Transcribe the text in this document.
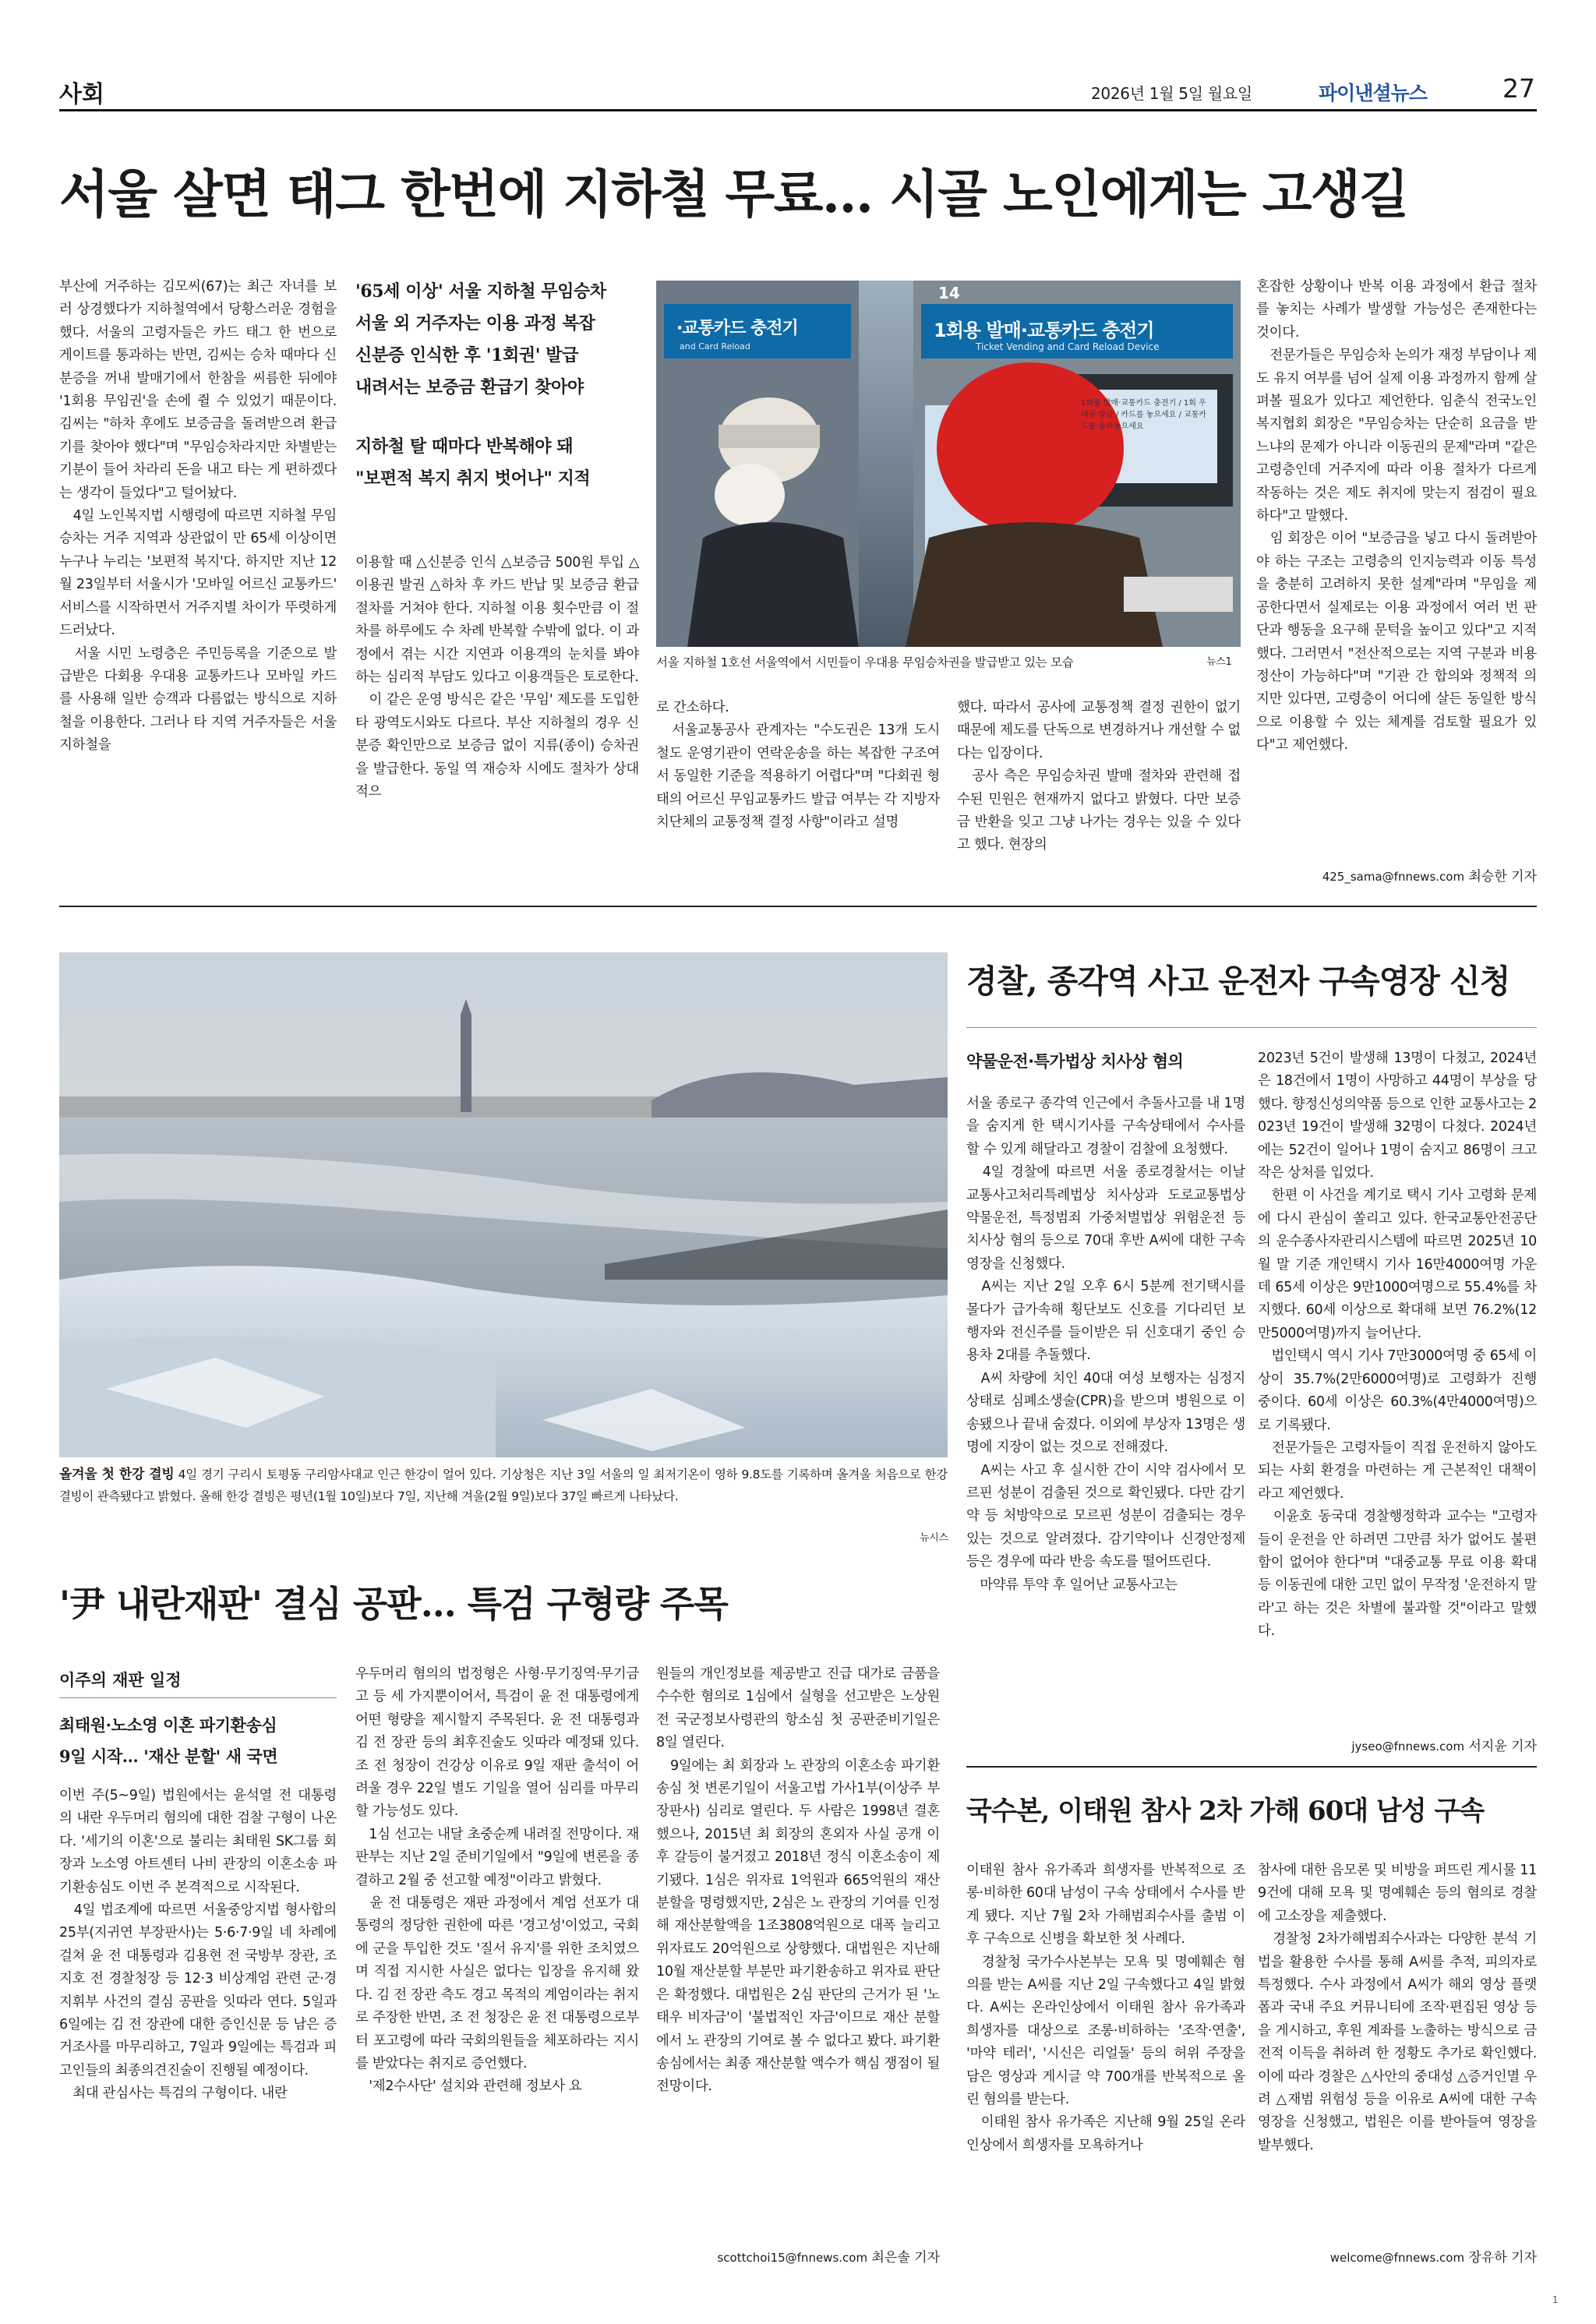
사회	2026년 1월 5일 월요일	파이낸셜뉴스	27
서울 살면 태그 한번에 지하철 무료… 시골 노인에게는 고생길
부산에 거주하는 김모씨(67)는 최근 자녀를 보러 상경했다가 지하철역에서 당황스러운 경험을 했다. 서울의 고령자들은 카드 태그 한 번으로 게이트를 통과하는 반면, 김씨는 승차 때마다 신분증을 꺼내 발매기에서 한참을 씨름한 뒤에야 '1회용 무임권'을 손에 쥘 수 있었기 때문이다. 김씨는 "하차 후에도 보증금을 돌려받으려 환급기를 찾아야 했다"며 "무임승차라지만 차별받는 기분이 들어 차라리 돈을 내고 타는 게 편하겠다는 생각이 들었다"고 털어놨다.
　4일 노인복지법 시행령에 따르면 지하철 무임승차는 거주 지역과 상관없이 만 65세 이상이면 누구나 누리는 '보편적 복지'다. 하지만 지난 12월 23일부터 서울시가 '모바일 어르신 교통카드' 서비스를 시작하면서 거주지별 차이가 뚜렷하게 드러났다.
　서울 시민 노령층은 주민등록을 기준으로 발급받은 다회용 우대용 교통카드나 모바일 카드를 사용해 일반 승객과 다름없는 방식으로 지하철을 이용한다. 그러나 타 지역 거주자들은 서울 지하철을
'65세 이상' 서울 지하철 무임승차
서울 외 거주자는 이용 과정 복잡
신분증 인식한 후 '1회권' 발급
내려서는 보증금 환급기 찾아야
지하철 탈 때마다 반복해야 돼
"보편적 복지 취지 벗어나" 지적
이용할 때 △신분증 인식 △보증금 500원 투입 △이용권 발권 △하차 후 카드 반납 및 보증금 환급 절차를 거쳐야 한다. 지하철 이용 횟수만큼 이 절차를 하루에도 수 차례 반복할 수밖에 없다. 이 과정에서 겪는 시간 지연과 이용객의 눈치를 봐야 하는 심리적 부담도 있다고 이용객들은 토로한다.
　이 같은 운영 방식은 같은 '무임' 제도를 도입한 타 광역도시와도 다르다. 부산 지하철의 경우 신분증 확인만으로 보증금 없이 지류(종이) 승차권을 발급한다. 동일 역 재승차 시에도 절차가 상대적으
1회용 발매·교통카드 충전기
Ticket Vending and Card Reload Device
·교통카드 충전기
and Card Reload
14
1회용 발매·교통카드 충전기 / 1회 우대권 발급 / 카드를 놓으세요 / 교통카드를 올려놓으세요
서울 지하철 1호선 서울역에서 시민들이 우대용 무임승차권을 발급받고 있는 모습	뉴스1
로 간소하다.
　서울교통공사 관계자는 "수도권은 13개 도시철도 운영기관이 연락운송을 하는 복잡한 구조여서 동일한 기준을 적용하기 어렵다"며 "다회권 형태의 어르신 무임교통카드 발급 여부는 각 지방자치단체의 교통정책 결정 사항"이라고 설명
했다. 따라서 공사에 교통정책 결정 권한이 없기 때문에 제도를 단독으로 변경하거나 개선할 수 없다는 입장이다.
　공사 측은 무임승차권 발매 절차와 관련해 접수된 민원은 현재까지 없다고 밝혔다. 다만 보증금 반환을 잊고 그냥 나가는 경우는 있을 수 있다고 했다. 현장의
혼잡한 상황이나 반복 이용 과정에서 환급 절차를 놓치는 사례가 발생할 가능성은 존재한다는 것이다.
　전문가들은 무임승차 논의가 재정 부담이나 제도 유지 여부를 넘어 실제 이용 과정까지 함께 살펴볼 필요가 있다고 제언한다. 임춘식 전국노인복지협회 회장은 "무임승차는 단순히 요금을 받느냐의 문제가 아니라 이동권의 문제"라며 "같은 고령층인데 거주지에 따라 이용 절차가 다르게 작동하는 것은 제도 취지에 맞는지 점검이 필요하다"고 말했다.
　임 회장은 이어 "보증금을 넣고 다시 돌려받아야 하는 구조는 고령층의 인지능력과 이동 특성을 충분히 고려하지 못한 설계"라며 "무임을 제공한다면서 실제로는 이용 과정에서 여러 번 판단과 행동을 요구해 문턱을 높이고 있다"고 지적했다. 그러면서 "전산적으로는 지역 구분과 비용 정산이 가능하다"며 "기관 간 합의와 정책적 의지만 있다면, 고령층이 어디에 살든 동일한 방식으로 이용할 수 있는 체계를 검토할 필요가 있다"고 제언했다.
425_sama@fnnews.com 최승한 기자
올겨울 첫 한강 결빙 4일 경기 구리시 토평동 구리암사대교 인근 한강이 얼어 있다. 기상청은 지난 3일 서울의 일 최저기온이 영하 9.8도를 기록하며 올겨울 처음으로 한강 결빙이 관측됐다고 밝혔다. 올해 한강 결빙은 평년(1월 10일)보다 7일, 지난해 겨울(2월 9일)보다 37일 빠르게 나타났다.
뉴시스
경찰, 종각역 사고 운전자 구속영장 신청
약물운전·특가법상 치사상 혐의
서울 종로구 종각역 인근에서 추돌사고를 내 1명을 숨지게 한 택시기사를 구속상태에서 수사를 할 수 있게 해달라고 경찰이 검찰에 요청했다.
　4일 경찰에 따르면 서울 종로경찰서는 이날 교통사고처리특례법상 치사상과 도로교통법상 약물운전, 특정범죄 가중처벌법상 위험운전 등 치사상 혐의 등으로 70대 후반 A씨에 대한 구속영장을 신청했다.
　A씨는 지난 2일 오후 6시 5분께 전기택시를 몰다가 급가속해 횡단보도 신호를 기다리던 보행자와 전신주를 들이받은 뒤 신호대기 중인 승용차 2대를 추돌했다.
　A씨 차량에 치인 40대 여성 보행자는 심정지 상태로 심폐소생술(CPR)을 받으며 병원으로 이송됐으나 끝내 숨졌다. 이외에 부상자 13명은 생명에 지장이 없는 것으로 전해졌다.
　A씨는 사고 후 실시한 간이 시약 검사에서 모르핀 성분이 검출된 것으로 확인됐다. 다만 감기약 등 처방약으로 모르핀 성분이 검출되는 경우 있는 것으로 알려졌다. 감기약이나 신경안정제 등은 경우에 따라 반응 속도를 떨어뜨린다.
　마약류 투약 후 일어난 교통사고는
2023년 5건이 발생해 13명이 다쳤고, 2024년은 18건에서 1명이 사망하고 44명이 부상을 당했다. 향정신성의약품 등으로 인한 교통사고는 2023년 19건이 발생해 32명이 다쳤다. 2024년에는 52건이 일어나 1명이 숨지고 86명이 크고 작은 상처를 입었다.
　한편 이 사건을 계기로 택시 기사 고령화 문제에 다시 관심이 쏠리고 있다. 한국교통안전공단의 운수종사자관리시스템에 따르면 2025년 10월 말 기준 개인택시 기사 16만4000여명 가운데 65세 이상은 9만1000여명으로 55.4%를 차지했다. 60세 이상으로 확대해 보면 76.2%(12만5000여명)까지 늘어난다.
　법인택시 역시 기사 7만3000여명 중 65세 이상이 35.7%(2만6000여명)로 고령화가 진행 중이다. 60세 이상은 60.3%(4만4000여명)으로 기록됐다.
　전문가들은 고령자들이 직접 운전하지 않아도 되는 사회 환경을 마련하는 게 근본적인 대책이라고 제언했다.
　이윤호 동국대 경찰행정학과 교수는 "고령자들이 운전을 안 하려면 그만큼 차가 없어도 불편함이 없어야 한다"며 "대중교통 무료 이용 확대 등 이동권에 대한 고민 없이 무작정 '운전하지 말라'고 하는 것은 차별에 불과할 것"이라고 말했다.
jyseo@fnnews.com 서지윤 기자
'尹 내란재판' 결심 공판… 특검 구형량 주목
이주의 재판 일정
최태원·노소영 이혼 파기환송심
9일 시작… '재산 분할' 새 국면
이번 주(5~9일) 법원에서는 윤석열 전 대통령의 내란 우두머리 혐의에 대한 검찰 구형이 나온다. '세기의 이혼'으로 불리는 최태원 SK그룹 회장과 노소영 아트센터 나비 관장의 이혼소송 파기환송심도 이번 주 본격적으로 시작된다.
　4일 법조계에 따르면 서울중앙지법 형사합의25부(지귀연 부장판사)는 5·6·7·9일 네 차례에 걸쳐 윤 전 대통령과 김용현 전 국방부 장관, 조지호 전 경찰청장 등 12·3 비상계엄 관련 군·경 지휘부 사건의 결심 공판을 잇따라 연다. 5일과 6일에는 김 전 장관에 대한 증인신문 등 남은 증거조사를 마무리하고, 7일과 9일에는 특검과 피고인들의 최종의견진술이 진행될 예정이다.
　최대 관심사는 특검의 구형이다. 내란
우두머리 혐의의 법정형은 사형·무기징역·무기금고 등 세 가지뿐이어서, 특검이 윤 전 대통령에게 어떤 형량을 제시할지 주목된다. 윤 전 대통령과 김 전 장관 등의 최후진술도 잇따라 예정돼 있다. 조 전 청장이 건강상 이유로 9일 재판 출석이 어려울 경우 22일 별도 기일을 열어 심리를 마무리할 가능성도 있다.
　1심 선고는 내달 초중순께 내려질 전망이다. 재판부는 지난 2일 준비기일에서 "9일에 변론을 종결하고 2월 중 선고할 예정"이라고 밝혔다.
　윤 전 대통령은 재판 과정에서 계엄 선포가 대통령의 정당한 권한에 따른 '경고성'이었고, 국회에 군을 투입한 것도 '질서 유지'를 위한 조치였으며 직접 지시한 사실은 없다는 입장을 유지해 왔다. 김 전 장관 측도 경고 목적의 계엄이라는 취지로 주장한 반면, 조 전 청장은 윤 전 대통령으로부터 포고령에 따라 국회의원들을 체포하라는 지시를 받았다는 취지로 증언했다.
　'제2수사단' 설치와 관련해 정보사 요
원들의 개인정보를 제공받고 진급 대가로 금품을 수수한 혐의로 1심에서 실형을 선고받은 노상원 전 국군정보사령관의 항소심 첫 공판준비기일은 8일 열린다.
　9일에는 최 회장과 노 관장의 이혼소송 파기환송심 첫 변론기일이 서울고법 가사1부(이상주 부장판사) 심리로 열린다. 두 사람은 1998년 결혼했으나, 2015년 최 회장의 혼외자 사실 공개 이후 갈등이 불거졌고 2018년 정식 이혼소송이 제기됐다. 1심은 위자료 1억원과 665억원의 재산분할을 명령했지만, 2심은 노 관장의 기여를 인정해 재산분할액을 1조3808억원으로 대폭 늘리고 위자료도 20억원으로 상향했다. 대법원은 지난해 10월 재산분할 부분만 파기환송하고 위자료 판단은 확정했다. 대법원은 2심 판단의 근거가 된 '노태우 비자금'이 '불법적인 자금'이므로 재산 분할에서 노 관장의 기여로 볼 수 없다고 봤다. 파기환송심에서는 최종 재산분할 액수가 핵심 쟁점이 될 전망이다.
scottchoi15@fnnews.com 최은솔 기자
국수본, 이태원 참사 2차 가해 60대 남성 구속
이태원 참사 유가족과 희생자를 반복적으로 조롱·비하한 60대 남성이 구속 상태에서 수사를 받게 됐다. 지난 7월 2차 가해범죄수사를 출범 이후 구속으로 신병을 확보한 첫 사례다.
　경찰청 국가수사본부는 모욕 및 명예훼손 혐의를 받는 A씨를 지난 2일 구속했다고 4일 밝혔다. A씨는 온라인상에서 이태원 참사 유가족과 희생자를 대상으로 조롱·비하하는 '조작·연출', '마약 테러', '시신은 리얼돌' 등의 허위 주장을 담은 영상과 게시글 약 700개를 반복적으로 올린 혐의를 받는다.
　이태원 참사 유가족은 지난해 9월 25일 온라인상에서 희생자를 모욕하거나
참사에 대한 음모론 및 비방을 퍼뜨린 게시물 119건에 대해 모욕 및 명예훼손 등의 혐의로 경찰에 고소장을 제출했다.
　경찰청 2차가해범죄수사과는 다양한 분석 기법을 활용한 수사를 통해 A씨를 추적, 피의자로 특정했다. 수사 과정에서 A씨가 해외 영상 플랫폼과 국내 주요 커뮤니티에 조작·편집된 영상 등을 게시하고, 후원 계좌를 노출하는 방식으로 금전적 이득을 취하려 한 정황도 추가로 확인했다. 이에 따라 경찰은 △사안의 중대성 △증거인멸 우려 △재범 위험성 등을 이유로 A씨에 대한 구속영장을 신청했고, 법원은 이를 받아들여 영장을 발부했다.
welcome@fnnews.com 장유하 기자
1
